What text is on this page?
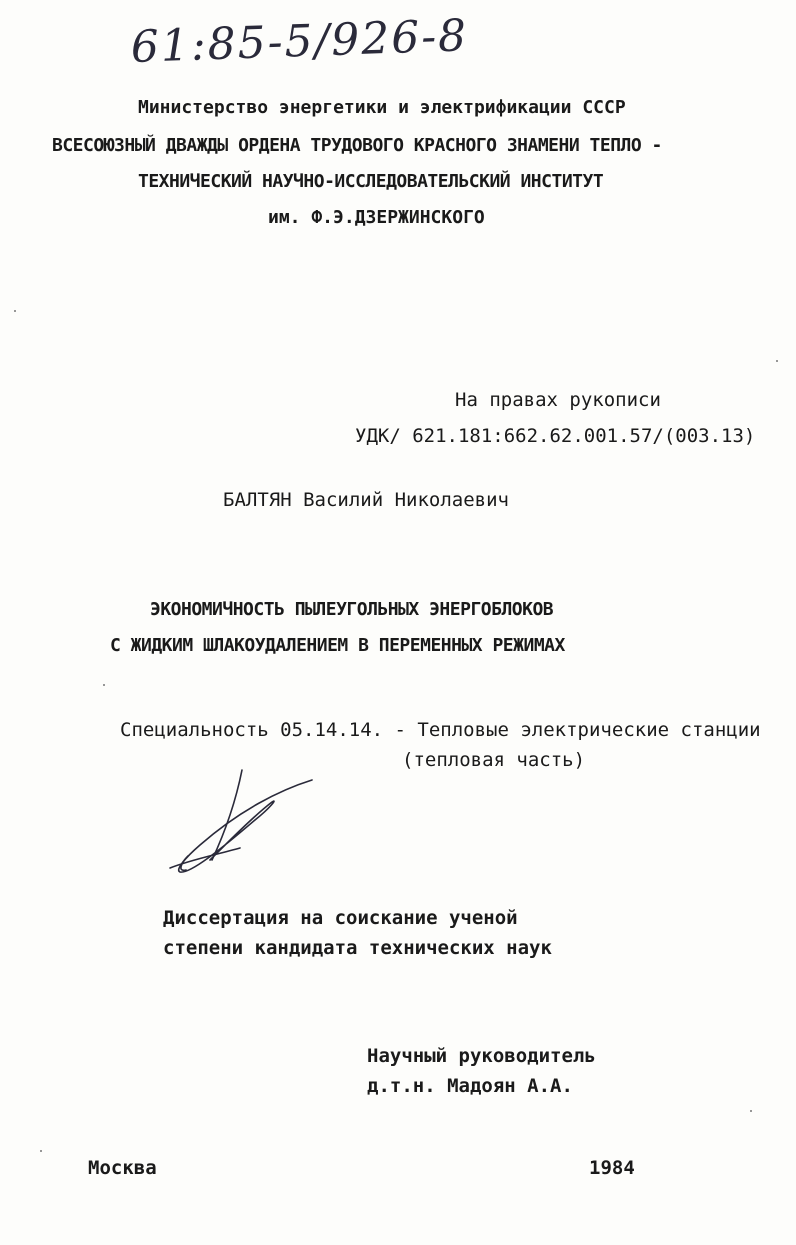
61:85-5/926-8
Министерство энергетики и электрификации СССР
ВСЕСОЮЗНЫЙ ДВАЖДЫ ОРДЕНА ТРУДОВОГО КРАСНОГО ЗНАМЕНИ ТЕПЛО -
ТЕХНИЧЕСКИЙ НАУЧНО-ИССЛЕДОВАТЕЛЬСКИЙ ИНСТИТУТ
им. Ф.Э.ДЗЕРЖИНСКОГО
На правах рукописи
УДК/ 621.181:662.62.001.57/(003.13)
БАЛТЯН Василий Николаевич
ЭКОНОМИЧНОСТЬ ПЫЛЕУГОЛЬНЫХ ЭНЕРГОБЛОКОВ
С ЖИДКИМ ШЛАКОУДАЛЕНИЕМ В ПЕРЕМЕННЫХ РЕЖИМАХ
Специальность 05.14.14. - Тепловые электрические станции
(тепловая часть)
Диссертация на соискание ученой
степени кандидата технических наук
Научный руководитель
д.т.н. Мадоян А.А.
Москва	1984
